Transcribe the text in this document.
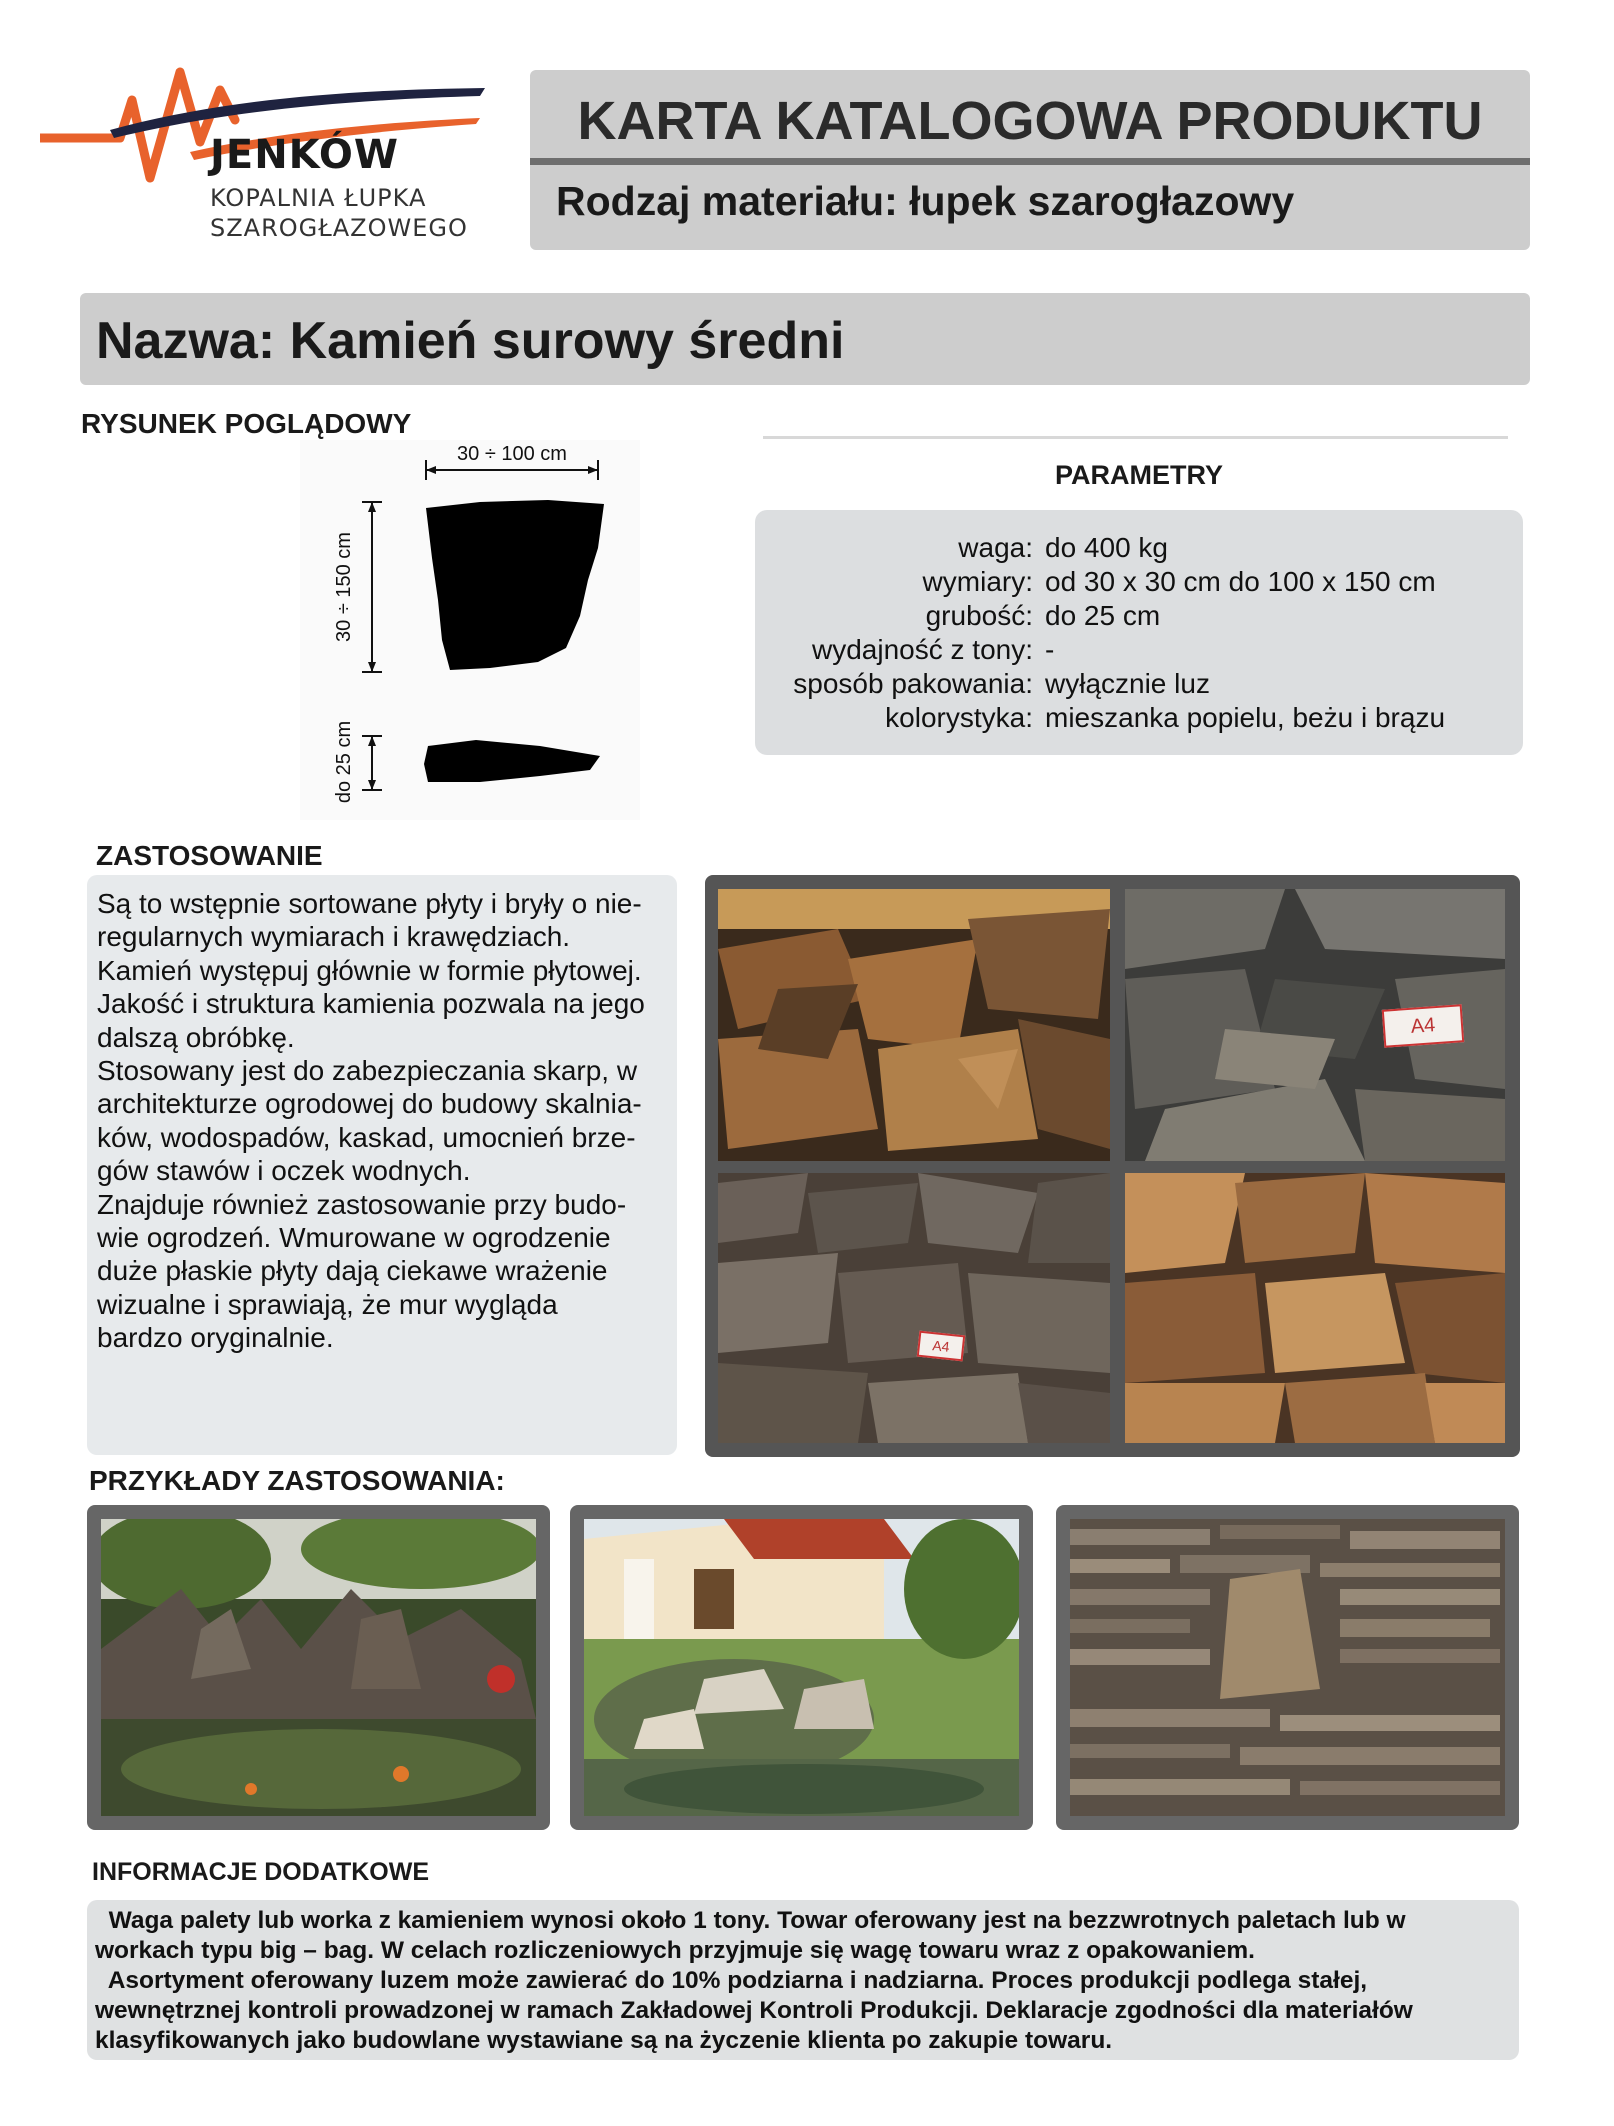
JENKÓW
KOPALNIA ŁUPKA
SZAROGŁAZOWEGO
KARTA KATALOGOWA PRODUKTU
Rodzaj materiału: łupek szarogłazowy
Nazwa: Kamień surowy średni
RYSUNEK POGLĄDOWY
30 ÷ 100 cm
30 ÷ 150 cm
do 25 cm
PARAMETRY
waga: do 400 kg
wymiary: od 30 x 30 cm do 100 x 150 cm
grubość: do 25 cm
wydajność z tony: -
sposób pakowania: wyłącznie luz
kolorystyka: mieszanka popielu, beżu i brązu
ZASTOSOWANIE
Są to wstępnie sortowane płyty i bryły o nie-
regularnych wymiarach i krawędziach.
Kamień występuj głównie w formie płytowej.
Jakość i struktura kamienia pozwala na jego
dalszą obróbkę.
Stosowany jest do zabezpieczania skarp, w
architekturze ogrodowej do budowy skalnia-
ków, wodospadów, kaskad, umocnień brze-
gów stawów i oczek wodnych.
Znajduje również zastosowanie przy budo-
wie ogrodzeń. Wmurowane w ogrodzenie
duże płaskie płyty dają ciekawe wrażenie
wizualne i sprawiają, że mur wygląda
bardzo oryginalnie.
A4
A4
PRZYKŁADY ZASTOSOWANIA:
INFORMACJE DODATKOWE
Waga palety lub worka z kamieniem wynosi około 1 tony. Towar oferowany jest na bezzwrotnych paletach lub w
workach typu big – bag. W celach rozliczeniowych przyjmuje się wagę towaru wraz z opakowaniem.
Asortyment oferowany luzem może zawierać do 10% podziarna i nadziarna. Proces produkcji podlega stałej,
wewnętrznej kontroli prowadzonej w ramach Zakładowej Kontroli Produkcji. Deklaracje zgodności dla materiałów
klasyfikowanych jako budowlane wystawiane są na życzenie klienta po zakupie towaru.
